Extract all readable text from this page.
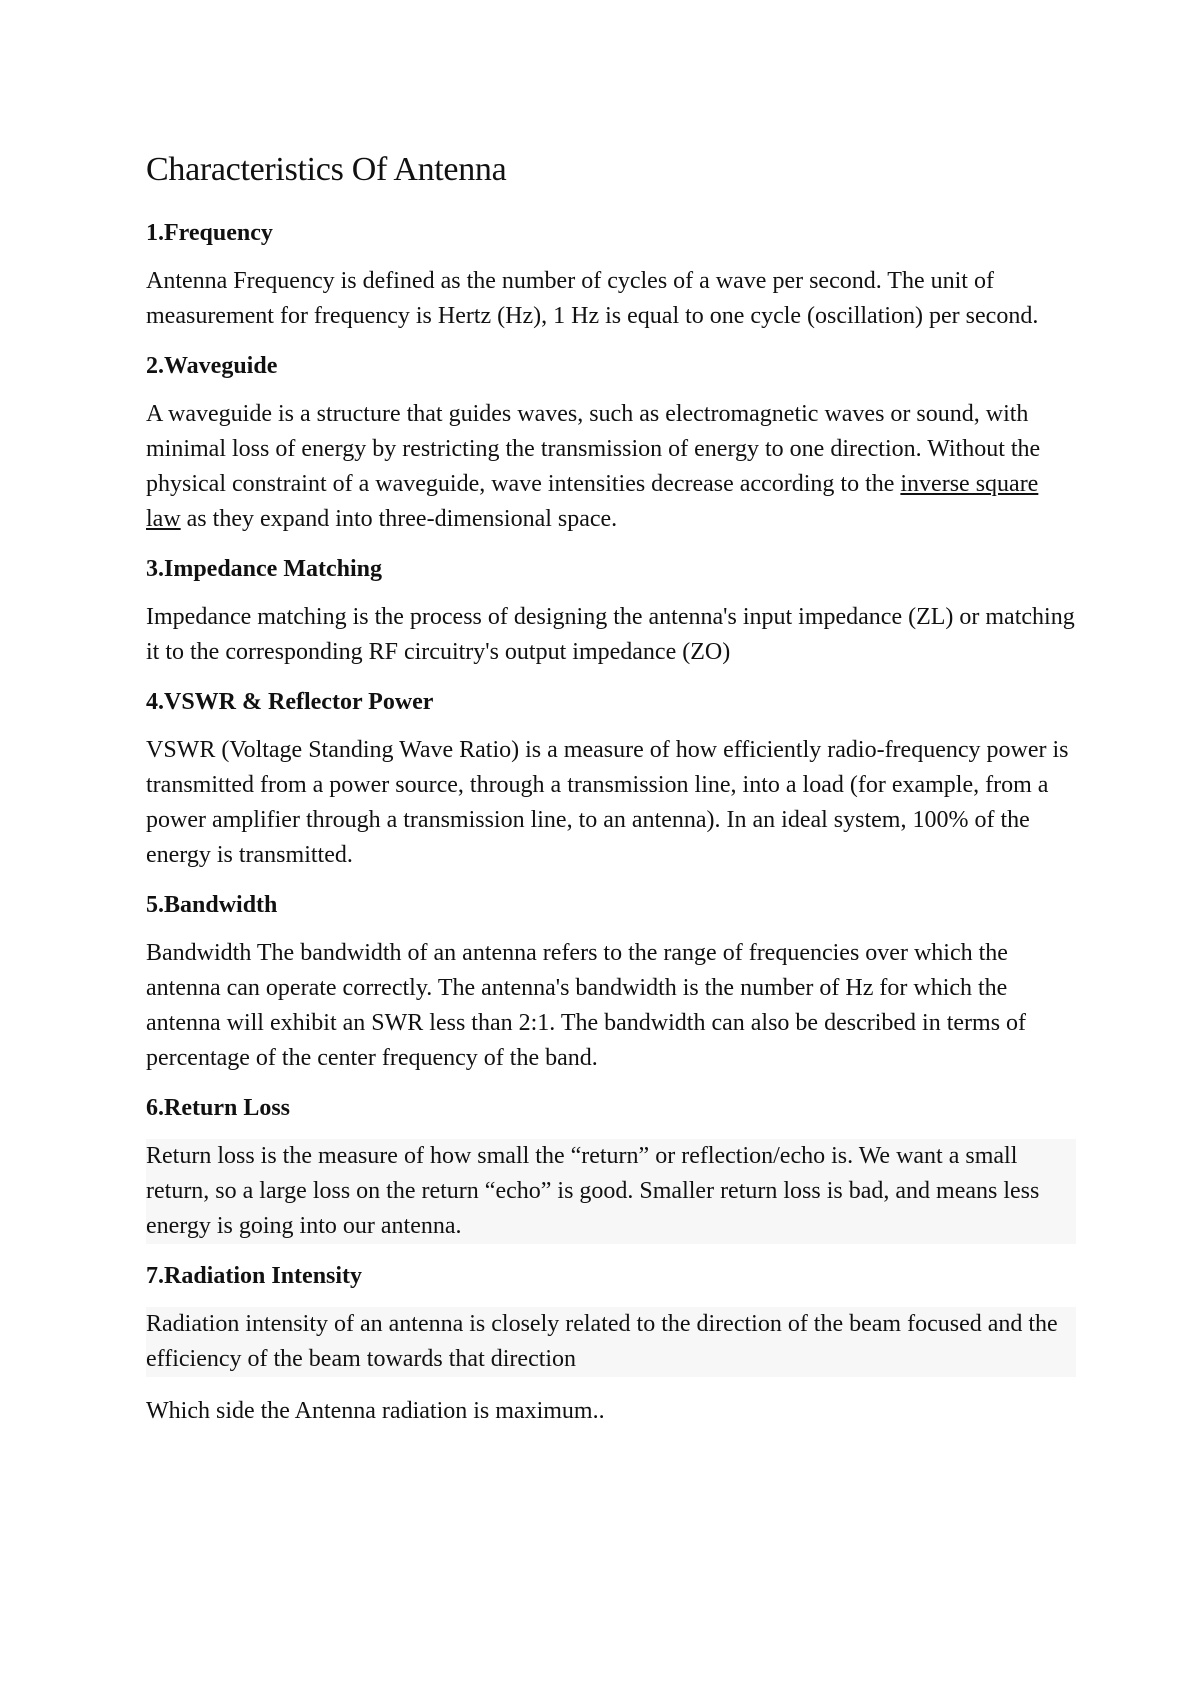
Characteristics Of Antenna
1.Frequency

Antenna Frequency is defined as the number of cycles of a wave per second. The unit of measurement for frequency is Hertz (Hz), 1 Hz is equal to one cycle (oscillation) per second.

2.Waveguide

A waveguide is a structure that guides waves, such as electromagnetic waves or sound, with minimal loss of energy by restricting the transmission of energy to one direction. Without the physical constraint of a waveguide, wave intensities decrease according to the inverse square law as they expand into three-dimensional space.

3.Impedance Matching

Impedance matching is the process of designing the antenna's input impedance (ZL) or matching it to the corresponding RF circuitry's output impedance (ZO)

4.VSWR & Reflector Power

VSWR (Voltage Standing Wave Ratio) is a measure of how efficiently radio-frequency power is transmitted from a power source, through a transmission line, into a load (for example, from a power amplifier through a transmission line, to an antenna). In an ideal system, 100% of the energy is transmitted.

5.Bandwidth

Bandwidth The bandwidth of an antenna refers to the range of frequencies over which the antenna can operate correctly. The antenna's bandwidth is the number of Hz for which the antenna will exhibit an SWR less than 2:1. The bandwidth can also be described in terms of percentage of the center frequency of the band.

6.Return Loss

Return loss is the measure of how small the “return” or reflection/echo is. We want a small return, so a large loss on the return “echo” is good. Smaller return loss is bad, and means less energy is going into our antenna.

7.Radiation Intensity

Radiation intensity of an antenna is closely related to the direction of the beam focused and the efficiency of the beam towards that direction

Which side the Antenna radiation is maximum..
